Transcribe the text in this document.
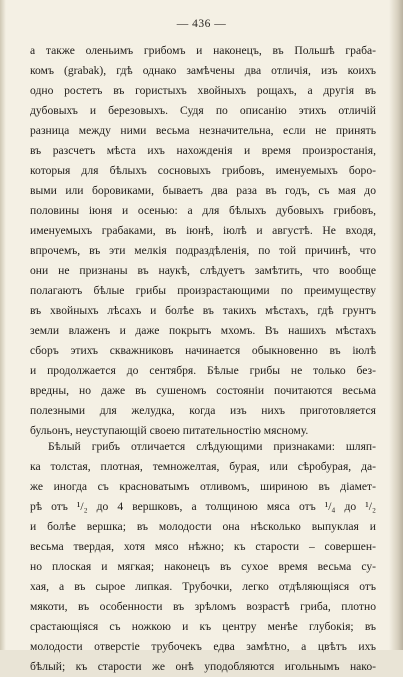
— 436 —
а также оленьимъ грибомъ и наконецъ, въ Польшѣ граба-
комъ (grabak), гдѣ однако замѣчены два отличія, изъ коихъ
одно ростетъ въ гористыхъ хвойныхъ рощахъ, а другія въ
дубовыхъ и березовыхъ. Судя по описанію этихъ отличій
разница между ними весьма незначительна, если не принять
въ разсчетъ мѣста ихъ нахожденія и время произростанія,
которыя для бѣлыхъ сосновыхъ грибовъ, именуемыхъ боро-
выми или боровиками, бываетъ два раза въ годъ, съ мая до
половины іюня и осенью: а для бѣлыхъ дубовыхъ грибовъ,
именуемыхъ грабаками, въ іюнѣ, іюлѣ и августѣ. Не входя,
впрочемъ, въ эти мелкія подраздѣленія, по той причинѣ, что
они не признаны въ наукѣ, слѣдуетъ замѣтить, что вообще
полагаютъ бѣлые грибы произрастающими по преимуществу
въ хвойныхъ лѣсахъ и болѣе въ такихъ мѣстахъ, гдѣ грунтъ
земли влаженъ и даже покрытъ мхомъ. Въ нашихъ мѣстахъ
сборъ этихъ скважниковъ начинается обыкновенно въ іюлѣ
и продолжается до сентября. Бѣлые грибы не только без-
вредны, но даже въ сушеномъ состояніи почитаются весьма
полезными для желудка, когда изъ нихъ приготовляется
бульонъ, неуступающій своею питательностію мясному.
Бѣлый грибъ отличается слѣдующими признаками: шляп-
ка толстая, плотная, темножелтая, бурая, или сѣробурая, да-
же иногда съ красноватымъ отливомъ, шириною въ діамет-
рѣ отъ ¹/₂ до 4 вершковъ, а толщиною мяса отъ ¹/₄ до ¹/₂
и болѣе вершка; въ молодости она нѣсколько выпуклая и
весьма твердая, хотя мясо нѣжно; къ старости – совершен-
но плоская и мягкая; наконецъ въ сухое время весьма су-
хая, а въ сырое липкая. Трубочки, легко отдѣляющіяся отъ
мякоти, въ особенности въ зрѣломъ возрастѣ гриба, плотно
срастающіяся съ ножкою и къ центру менѣе глубокія; въ
молодости отверстіе трубочекъ едва замѣтно, а цвѣтъ ихъ
бѣлый; къ старости же онѣ уподобляются игольнымъ нако-
